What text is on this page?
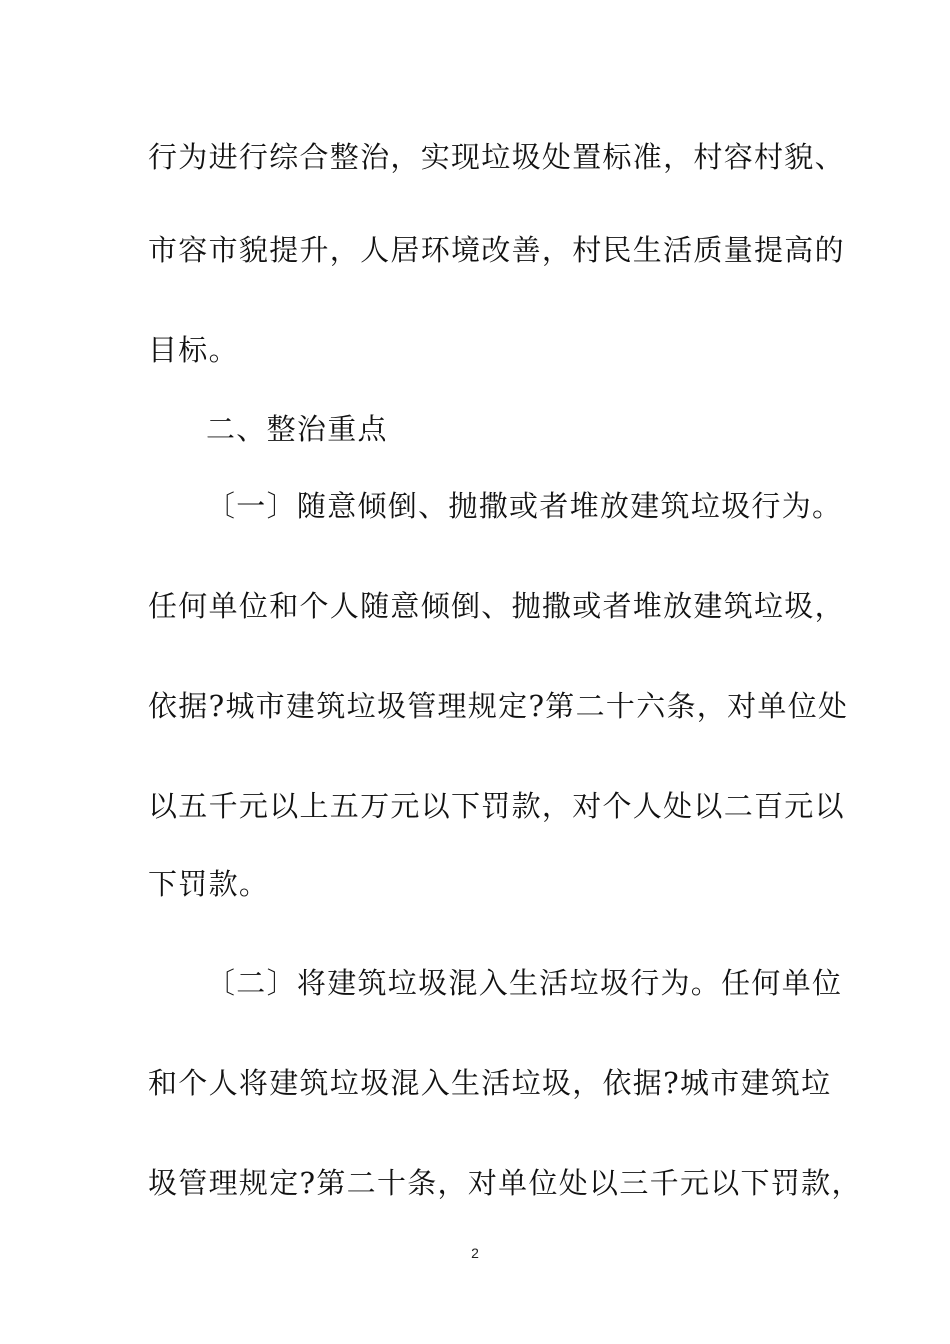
行为进行综合整治，实现垃圾处置标准，村容村貌、
市容市貌提升，人居环境改善，村民生活质量提高的
目标。
二、整治重点
〔一〕随意倾倒、抛撒或者堆放建筑垃圾行为。
任何单位和个人随意倾倒、抛撒或者堆放建筑垃圾，
依据?城市建筑垃圾管理规定?第二十六条，对单位处
以五千元以上五万元以下罚款，对个人处以二百元以
下罚款。
〔二〕将建筑垃圾混入生活垃圾行为。任何单位
和个人将建筑垃圾混入生活垃圾，依据?城市建筑垃
圾管理规定?第二十条，对单位处以三千元以下罚款，
2
